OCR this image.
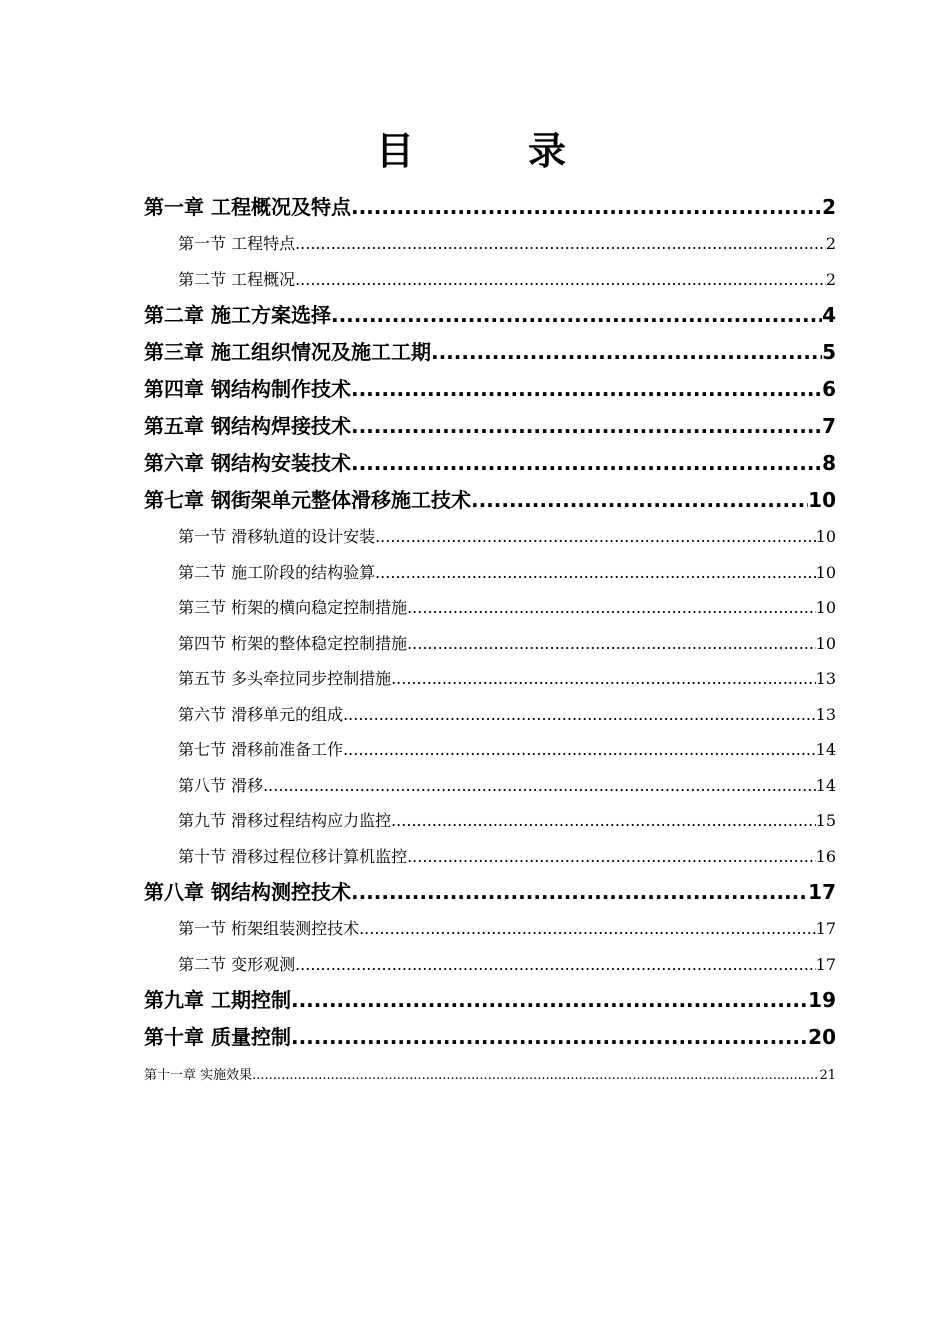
目　录
第一章 工程概况及特点 .....	2
第一节 工程特点 .....	2
第二节 工程概况 .....	2
第二章 施工方案选择 .....	4
第三章 施工组织情况及施工工期 .....	5
第四章 钢结构制作技术 .....	6
第五章 钢结构焊接技术 .....	7
第六章 钢结构安装技术 .....	8
第七章 钢街架单元整体滑移施工技术 .....	10
第一节 滑移轨道的设计安装 .....	10
第二节 施工阶段的结构验算 .....	10
第三节 桁架的横向稳定控制措施 .....	10
第四节 桁架的整体稳定控制措施 .....	10
第五节 多头牵拉同步控制措施 .....	13
第六节 滑移单元的组成 .....	13
第七节 滑移前准备工作 .....	14
第八节 滑移 .....	14
第九节 滑移过程结构应力监控 .....	15
第十节 滑移过程位移计算机监控 .....	16
第八章 钢结构测控技术 .....	17
第一节 桁架组装测控技术 .....	17
第二节 变形观测 .....	17
第九章 工期控制 .....	19
第十章 质量控制 .....	20
第十一章 实施效果 .....	21
